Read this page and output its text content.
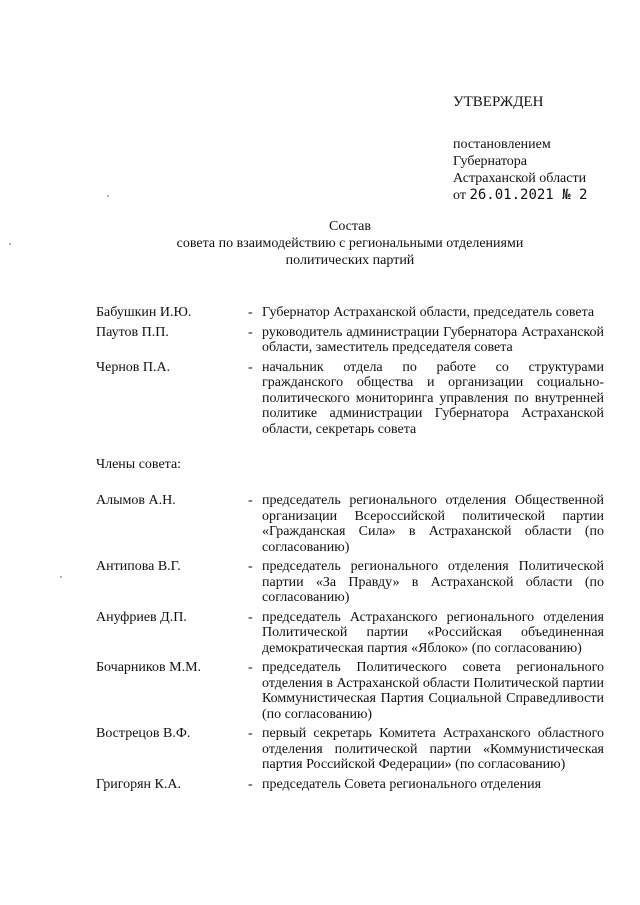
УТВЕРЖДЕН
постановлением
Губернатора
Астраханской области
от 26.01.2021 № 2
Состав
совета по взаимодействию с региональными отделениями
политических партий
Бабушкин И.Ю.	- Губернатор Астраханской области, председатель совета
Паутов П.П.	- руководитель администрации Губернатора Астраханской области, заместитель председателя совета
Чернов П.А.	- начальник отдела по работе со структурами гражданского общества и организации социально-политического мониторинга управления по внутренней политике администрации Губернатора Астраханской области, секретарь совета
Члены совета:
Алымов А.Н.	- председатель регионального отделения Общественной организации Всероссийской политической партии «Гражданская Сила» в Астраханской области (по согласованию)
Антипова В.Г.	- председатель регионального отделения Политической партии «За Правду» в Астраханской области (по согласованию)
Ануфриев Д.П.	- председатель Астраханского регионального отделения Политической партии «Российская объединенная демократическая партия «Яблоко» (по согласованию)
Бочарников М.М.	- председатель Политического совета регионального отделения в Астраханской области Политической партии Коммунистическая Партия Социальной Справедливости (по согласованию)
Вострецов В.Ф.	- первый секретарь Комитета Астраханского областного отделения политической партии «Коммунистическая партия Российской Федерации» (по согласованию)
Григорян К.А.	- председатель Совета регионального отделения
